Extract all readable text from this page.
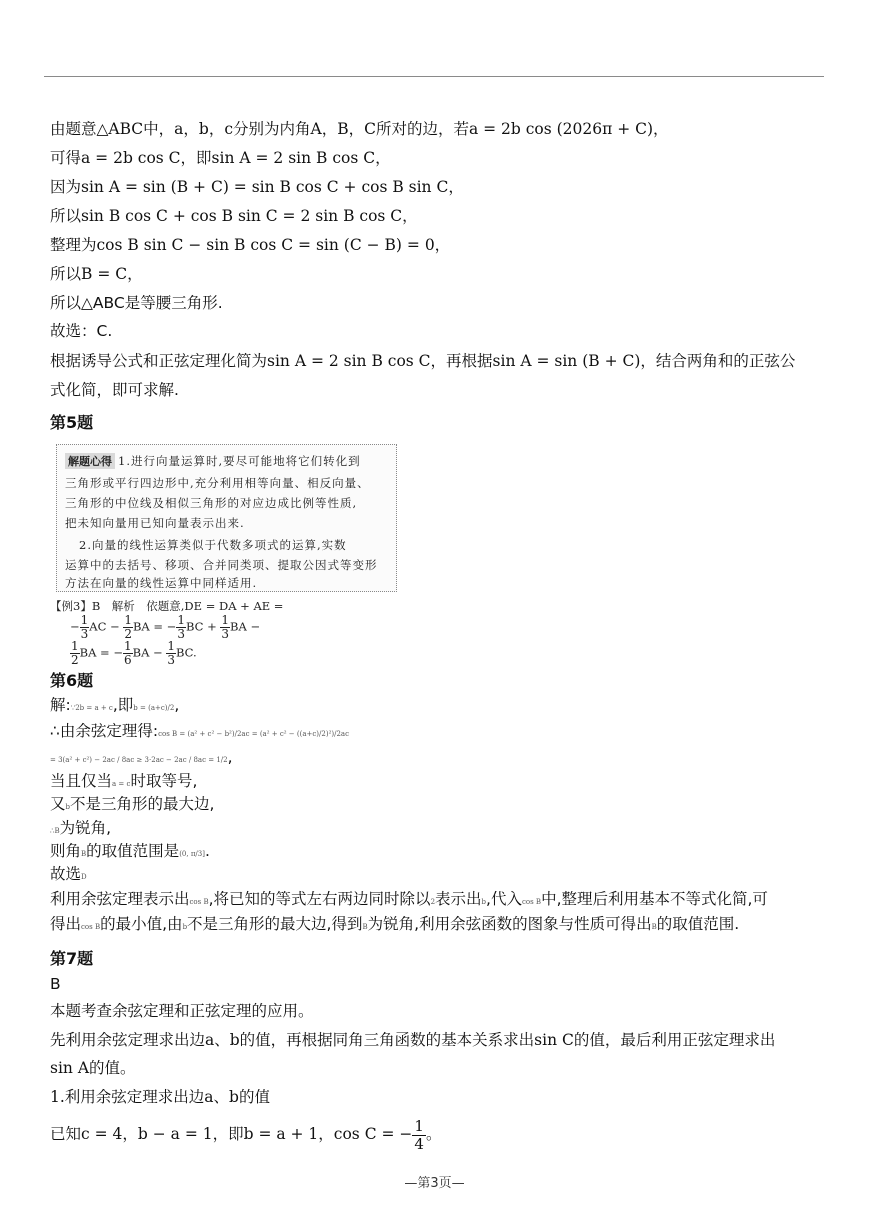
由题意△ABC中，a，b，c分别为内角A，B，C所对的边，若a = 2b cos (2026π + C)，
可得a = 2b cos C，即sin A = 2 sin B cos C，
因为sin A = sin (B + C) = sin B cos C + cos B sin C，
所以sin B cos C + cos B sin C = 2 sin B cos C，
整理为cos B sin C − sin B cos C = sin (C − B) = 0，
所以B = C，
所以△ABC是等腰三角形.
故选：C.
根据诱导公式和正弦定理化简为sin A = 2 sin B cos C，再根据sin A = sin (B + C)，结合两角和的正弦公
式化简，即可求解.
第5题
解题心得 1.进行向量运算时,要尽可能地将它们转化到
三角形或平行四边形中,充分利用相等向量、相反向量、
三角形的中位线及相似三角形的对应边成比例等性质,
把未知向量用已知向量表示出来.
2.向量的线性运算类似于代数多项式的运算,实数
运算中的去括号、移项、合并同类项、提取公因式等变形
方法在向量的线性运算中同样适用.
【例3】B　解析　依题意,DE = DA + AE =
− $\frac{1}{3}$ AC − $\frac{1}{2}$ BA = − $\frac{1}{3}$ BC + $\frac{1}{3}$ BA −
$\frac{1}{2}$ BA = − $\frac{1}{6}$ BA − $\frac{1}{3}$ BC.
第6题
解:∵2b = a + c,即b = (a+c)/2,
∴由余弦定理得:cos B = (a² + c² − b²)/2ac = (a² + c² − ((a+c)/2)²)/2ac
= 3(a² + c²) − 2ac / 8ac ≥ 3·2ac − 2ac / 8ac = 1/2,
当且仅当a = c时取等号,
又b不是三角形的最大边,
∴B为锐角,
则角B的取值范围是(0, π/3].
故选D
利用余弦定理表示出cos B,将已知的等式左右两边同时除以2表示出b,代入cos B中,整理后利用基本不等式化简,可
得出cos B的最小值,由b不是三角形的最大边,得到B为锐角,利用余弦函数的图象与性质可得出B的取值范围.
第7题
B
本题考查余弦定理和正弦定理的应用。
先利用余弦定理求出边a、b的值，再根据同角三角函数的基本关系求出sin C的值，最后利用正弦定理求出
sin A的值。
1.利用余弦定理求出边a、b的值
已知c = 4，b − a = 1，即b = a + 1，cos C = − $\frac{1}{4}$。
—第3页—
